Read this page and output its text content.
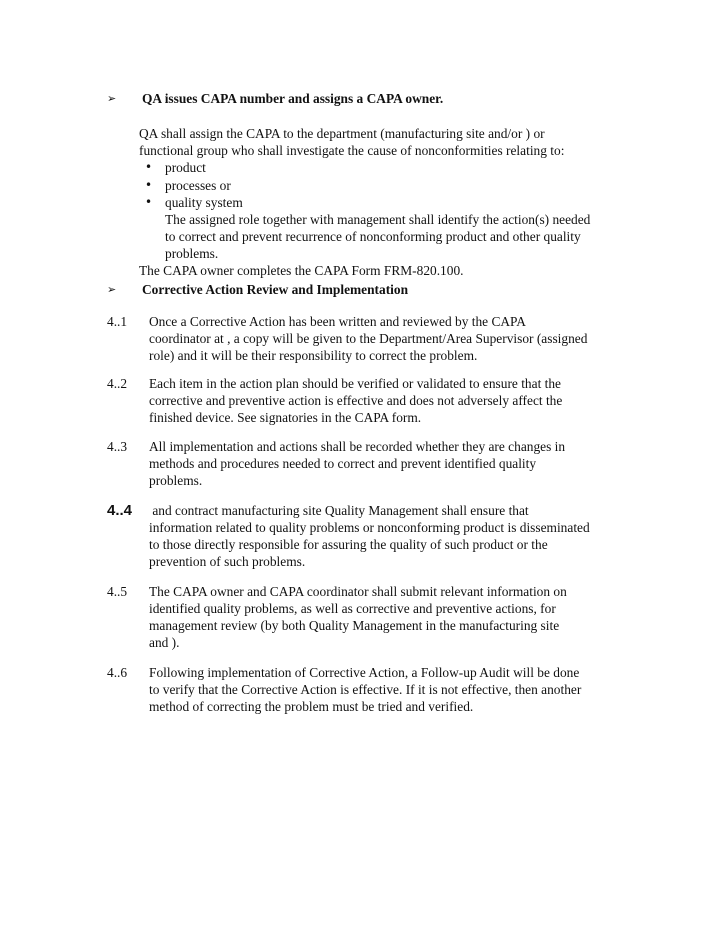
➢ QA issues CAPA number and assigns a CAPA owner.
QA shall assign the CAPA to the department (manufacturing site and/or ) or
functional group who shall investigate the cause of nonconformities relating to:
• product
• processes or
• quality system
The assigned role together with management shall identify the action(s) needed
to correct and prevent recurrence of nonconforming product and other quality
problems.
The CAPA owner completes the CAPA Form FRM-820.100.
➢ Corrective Action Review and Implementation
4..1 Once a Corrective Action has been written and reviewed by the CAPA
coordinator at , a copy will be given to the Department/Area Supervisor (assigned
role) and it will be their responsibility to correct the problem.
4..2 Each item in the action plan should be verified or validated to ensure that the
corrective and preventive action is effective and does not adversely affect the
finished device. See signatories in the CAPA form.
4..3 All implementation and actions shall be recorded whether they are changes in
methods and procedures needed to correct and prevent identified quality
problems.
4..4 and contract manufacturing site Quality Management shall ensure that
information related to quality problems or nonconforming product is disseminated
to those directly responsible for assuring the quality of such product or the
prevention of such problems.
4..5 The CAPA owner and CAPA coordinator shall submit relevant information on
identified quality problems, as well as corrective and preventive actions, for
management review (by both Quality Management in the manufacturing site
and ).
4..6 Following implementation of Corrective Action, a Follow-up Audit will be done
to verify that the Corrective Action is effective. If it is not effective, then another
method of correcting the problem must be tried and verified.
